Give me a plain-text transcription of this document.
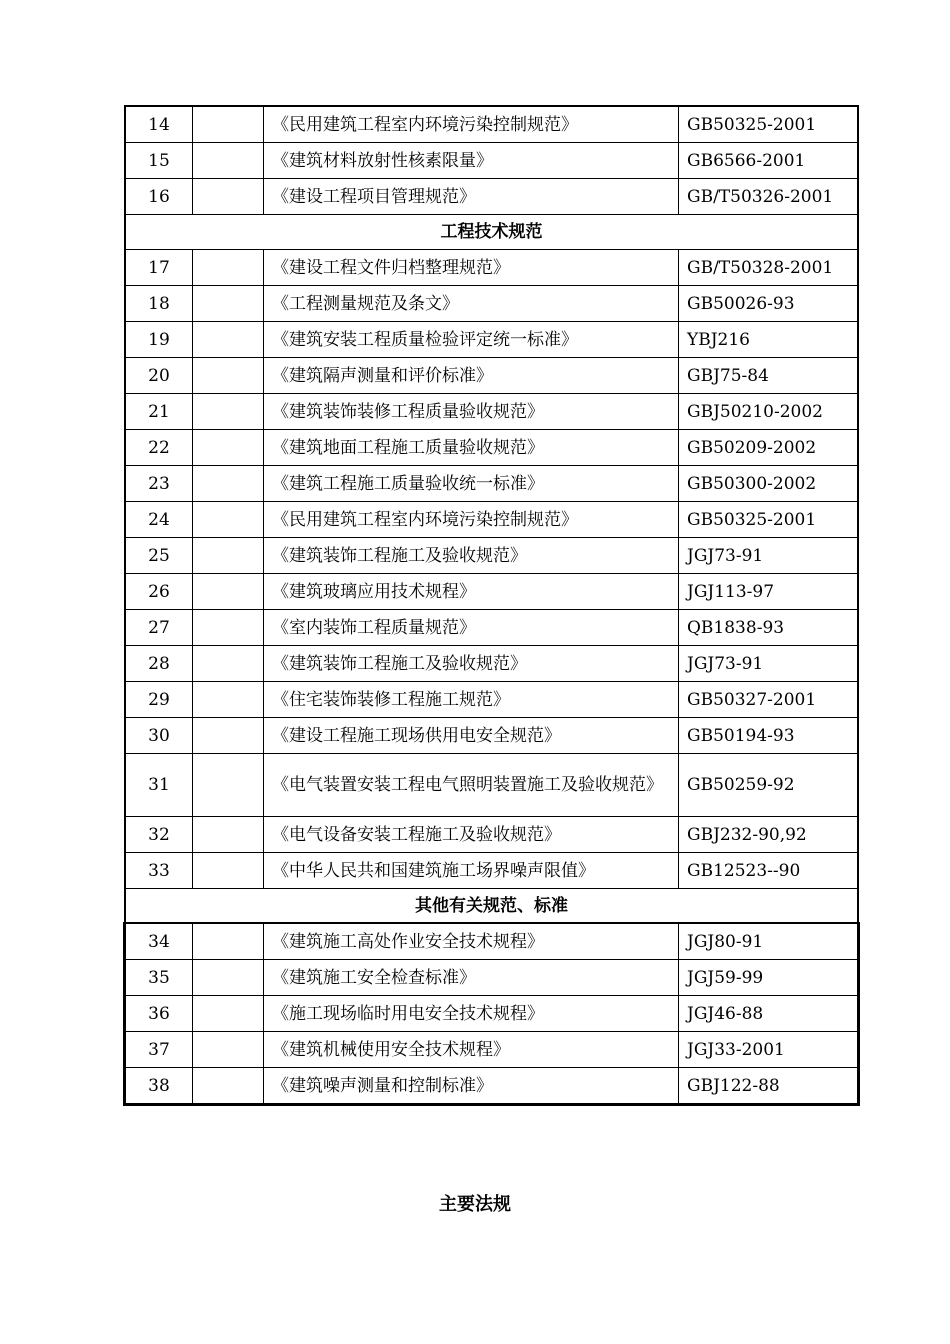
14		《民用建筑工程室内环境污染控制规范》	GB50325-2001
15		《建筑材料放射性核素限量》	GB6566-2001
16		《建设工程项目管理规范》	GB/T50326-2001
工程技术规范			
17		《建设工程文件归档整理规范》	GB/T50328-2001
18		《工程测量规范及条文》	GB50026-93
19		《建筑安装工程质量检验评定统一标准》	YBJ216
20		《建筑隔声测量和评价标准》	GBJ75-84
21		《建筑装饰装修工程质量验收规范》	GBJ50210-2002
22		《建筑地面工程施工质量验收规范》	GB50209-2002
23		《建筑工程施工质量验收统一标准》	GB50300-2002
24		《民用建筑工程室内环境污染控制规范》	GB50325-2001
25		《建筑装饰工程施工及验收规范》	JGJ73-91
26		《建筑玻璃应用技术规程》	JGJ113-97
27		《室内装饰工程质量规范》	QB1838-93
28		《建筑装饰工程施工及验收规范》	JGJ73-91
29		《住宅装饰装修工程施工规范》	GB50327-2001
30		《建设工程施工现场供用电安全规范》	GB50194-93
31		《电气装置安装工程电气照明装置施工及验收规范》	GB50259-92
32		《电气设备安装工程施工及验收规范》	GBJ232-90,92
33		《中华人民共和国建筑施工场界噪声限值》	GB12523--90
其他有关规范、标准			
34		《建筑施工高处作业安全技术规程》	JGJ80-91
35		《建筑施工安全检查标准》	JGJ59-99
36		《施工现场临时用电安全技术规程》	JGJ46-88
37		《建筑机械使用安全技术规程》	JGJ33-2001
38		《建筑噪声测量和控制标准》	GBJ122-88
主要法规
